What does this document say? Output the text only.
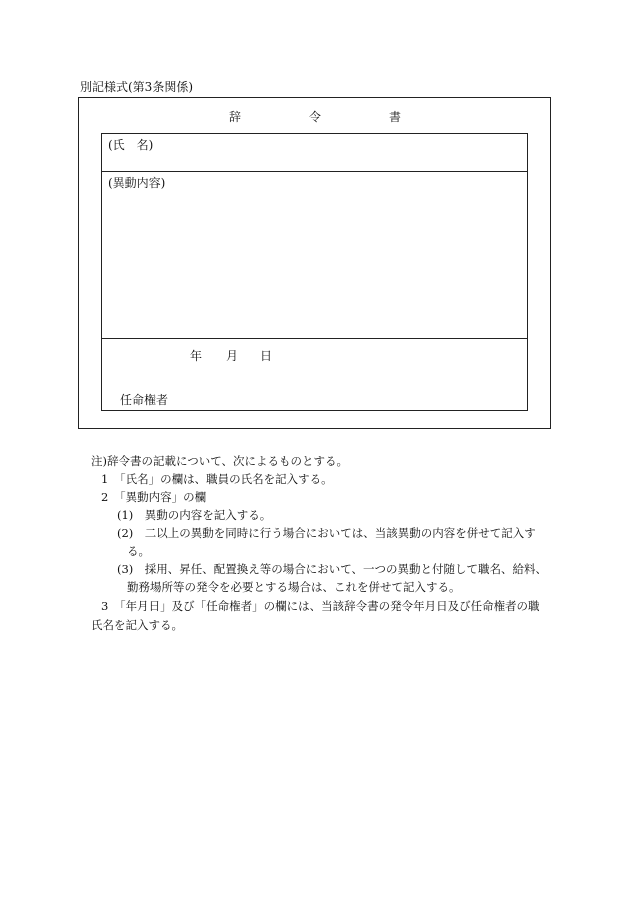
別記様式(第3条関係)
辞　令　書
(氏　名)
(異動内容)
年 月 日
任命権者
注)辞令書の記載について、次によるものとする。
1　「氏名」の欄は、職員の氏名を記入する。
2　「異動内容」の欄
(1)　異動の内容を記入する。
(2)　二以上の異動を同時に行う場合においては、当該異動の内容を併せて記入す
る。
(3)　採用、昇任、配置換え等の場合において、一つの異動と付随して職名、給料、
勤務場所等の発令を必要とする場合は、これを併せて記入する。
3　「年月日」及び「任命権者」の欄には、当該辞令書の発令年月日及び任命権者の職
氏名を記入する。
